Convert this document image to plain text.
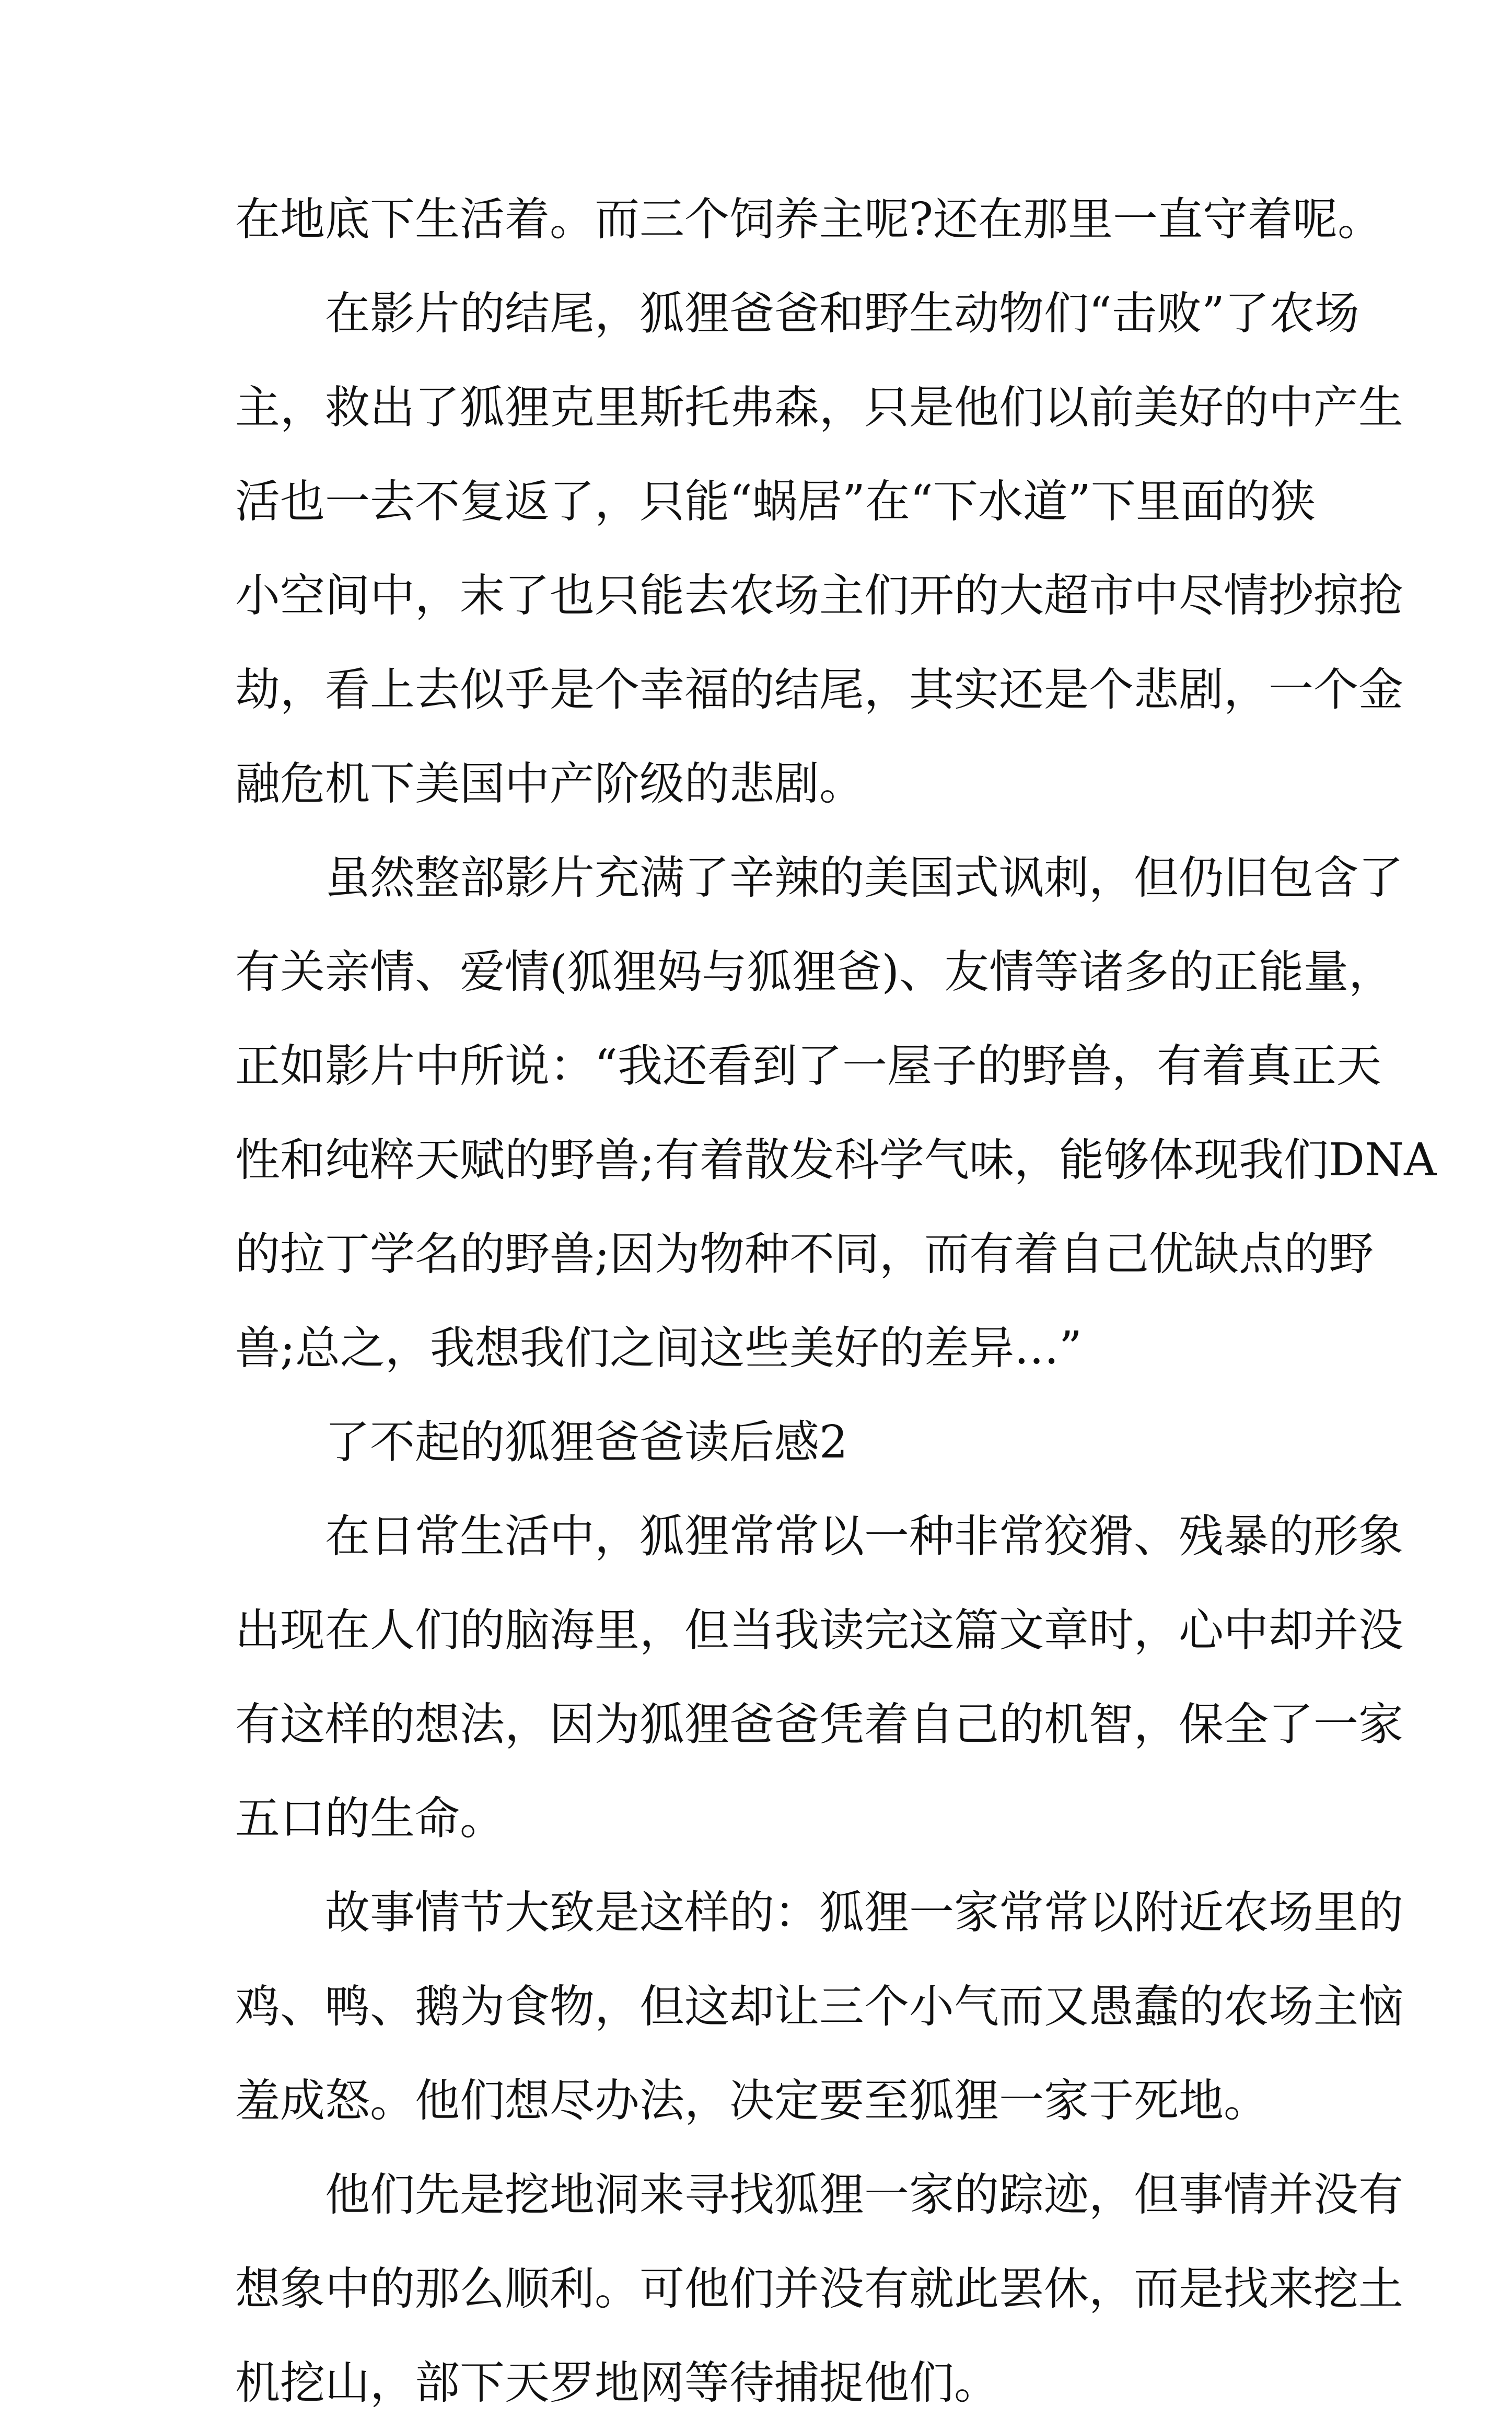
在地底下生活着。而三个饲养主呢?还在那里一直守着呢。
在影片的结尾，狐狸爸爸和野生动物们“击败”了农场
主，救出了狐狸克里斯托弗森，只是他们以前美好的中产生
活也一去不复返了，只能“蜗居”在“下水道”下里面的狭
小空间中，末了也只能去农场主们开的大超市中尽情抄掠抢
劫，看上去似乎是个幸福的结尾，其实还是个悲剧，一个金
融危机下美国中产阶级的悲剧。
虽然整部影片充满了辛辣的美国式讽刺，但仍旧包含了
有关亲情、爱情(狐狸妈与狐狸爸)、友情等诸多的正能量，
正如影片中所说：“我还看到了一屋子的野兽，有着真正天
性和纯粹天赋的野兽;有着散发科学气味，能够体现我们DNA
的拉丁学名的野兽;因为物种不同，而有着自己优缺点的野
兽;总之，我想我们之间这些美好的差异…”
了不起的狐狸爸爸读后感2
在日常生活中，狐狸常常以一种非常狡猾、残暴的形象
出现在人们的脑海里，但当我读完这篇文章时，心中却并没
有这样的想法，因为狐狸爸爸凭着自己的机智，保全了一家
五口的生命。
故事情节大致是这样的：狐狸一家常常以附近农场里的
鸡、鸭、鹅为食物，但这却让三个小气而又愚蠢的农场主恼
羞成怒。他们想尽办法，决定要至狐狸一家于死地。
他们先是挖地洞来寻找狐狸一家的踪迹，但事情并没有
想象中的那么顺利。可他们并没有就此罢休，而是找来挖土
机挖山，部下天罗地网等待捕捉他们。
